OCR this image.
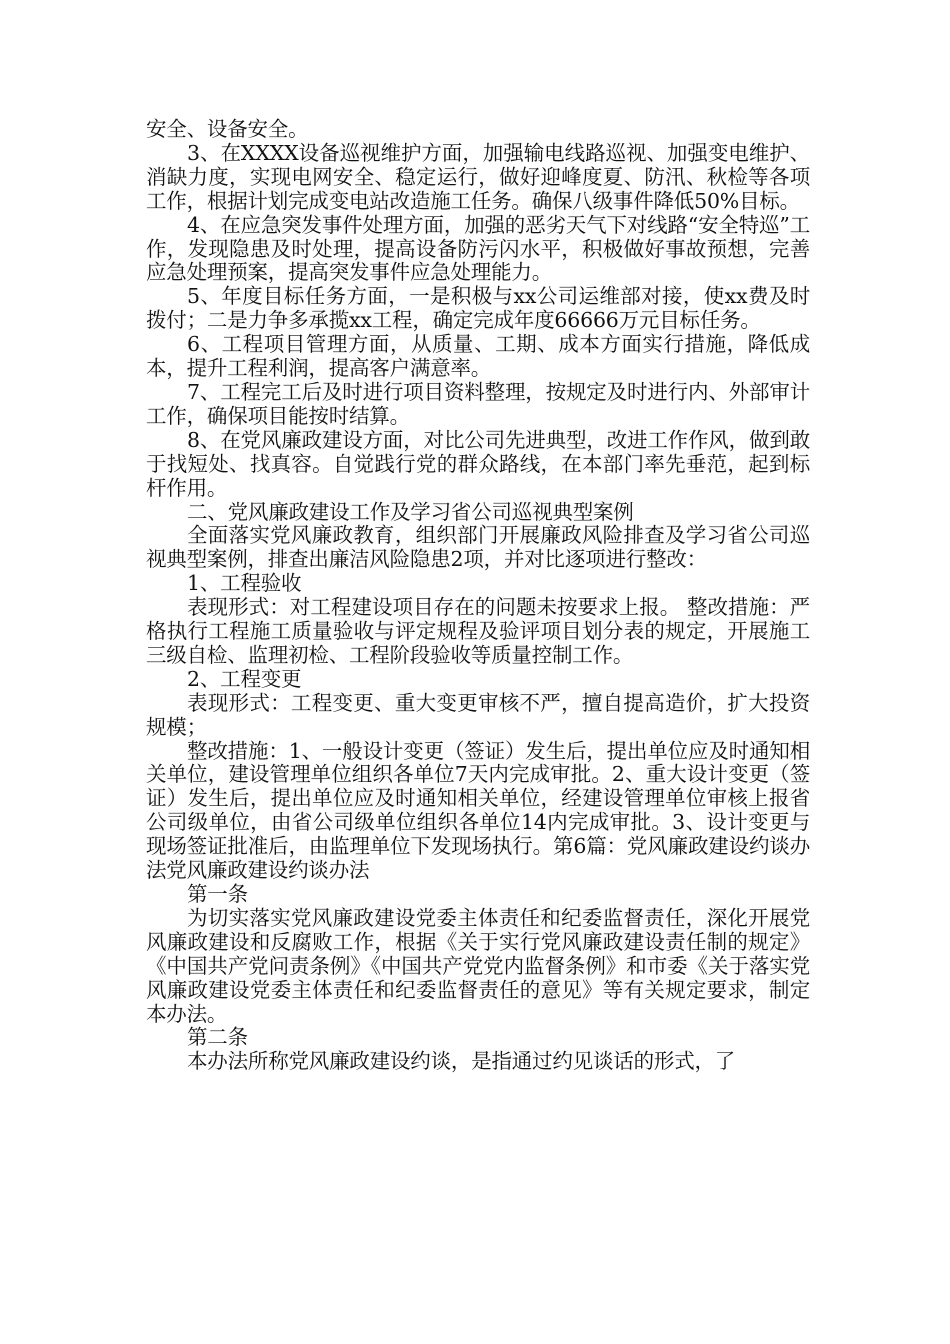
安全、设备安全。

3、在XXXX设备巡视维护方面，加强输电线路巡视、加强变电维护、消缺力度，实现电网安全、稳定运行，做好迎峰度夏、防汛、秋检等各项工作，根据计划完成变电站改造施工任务。确保八级事件降低50%目标。

4、在应急突发事件处理方面，加强的恶劣天气下对线路“安全特巡”工作，发现隐患及时处理，提高设备防污闪水平，积极做好事故预想，完善应急处理预案，提高突发事件应急处理能力。

5、年度目标任务方面，一是积极与xx公司运维部对接，使xx费及时拨付；二是力争多承揽xx工程，确定完成年度66666万元目标任务。

6、工程项目管理方面，从质量、工期、成本方面实行措施，降低成本，提升工程利润，提高客户满意率。

7、工程完工后及时进行项目资料整理，按规定及时进行内、外部审计工作，确保项目能按时结算。

8、在党风廉政建设方面，对比公司先进典型，改进工作作风，做到敢于找短处、找真容。自觉践行党的群众路线，在本部门率先垂范，起到标杆作用。

二、党风廉政建设工作及学习省公司巡视典型案例

全面落实党风廉政教育，组织部门开展廉政风险排查及学习省公司巡视典型案例，排查出廉洁风险隐患2项，并对比逐项进行整改：

1、工程验收

表现形式：对工程建设项目存在的问题未按要求上报。 整改措施：严格执行工程施工质量验收与评定规程及验评项目划分表的规定，开展施工三级自检、监理初检、工程阶段验收等质量控制工作。

2、工程变更

表现形式：工程变更、重大变更审核不严，擅自提高造价，扩大投资规模；

整改措施：1、一般设计变更（签证）发生后，提出单位应及时通知相关单位，建设管理单位组织各单位7天内完成审批。2、重大设计变更（签证）发生后，提出单位应及时通知相关单位，经建设管理单位审核上报省公司级单位，由省公司级单位组织各单位14内完成审批。3、设计变更与现场签证批准后，由监理单位下发现场执行。第6篇：党风廉政建设约谈办法党风廉政建设约谈办法

第一条

为切实落实党风廉政建设党委主体责任和纪委监督责任，深化开展党风廉政建设和反腐败工作，根据《关于实行党风廉政建设责任制的规定》《中国共产党问责条例》《中国共产党党内监督条例》和市委《关于落实党风廉政建设党委主体责任和纪委监督责任的意见》等有关规定要求，制定本办法。

第二条

本办法所称党风廉政建设约谈，是指通过约见谈话的形式，了
